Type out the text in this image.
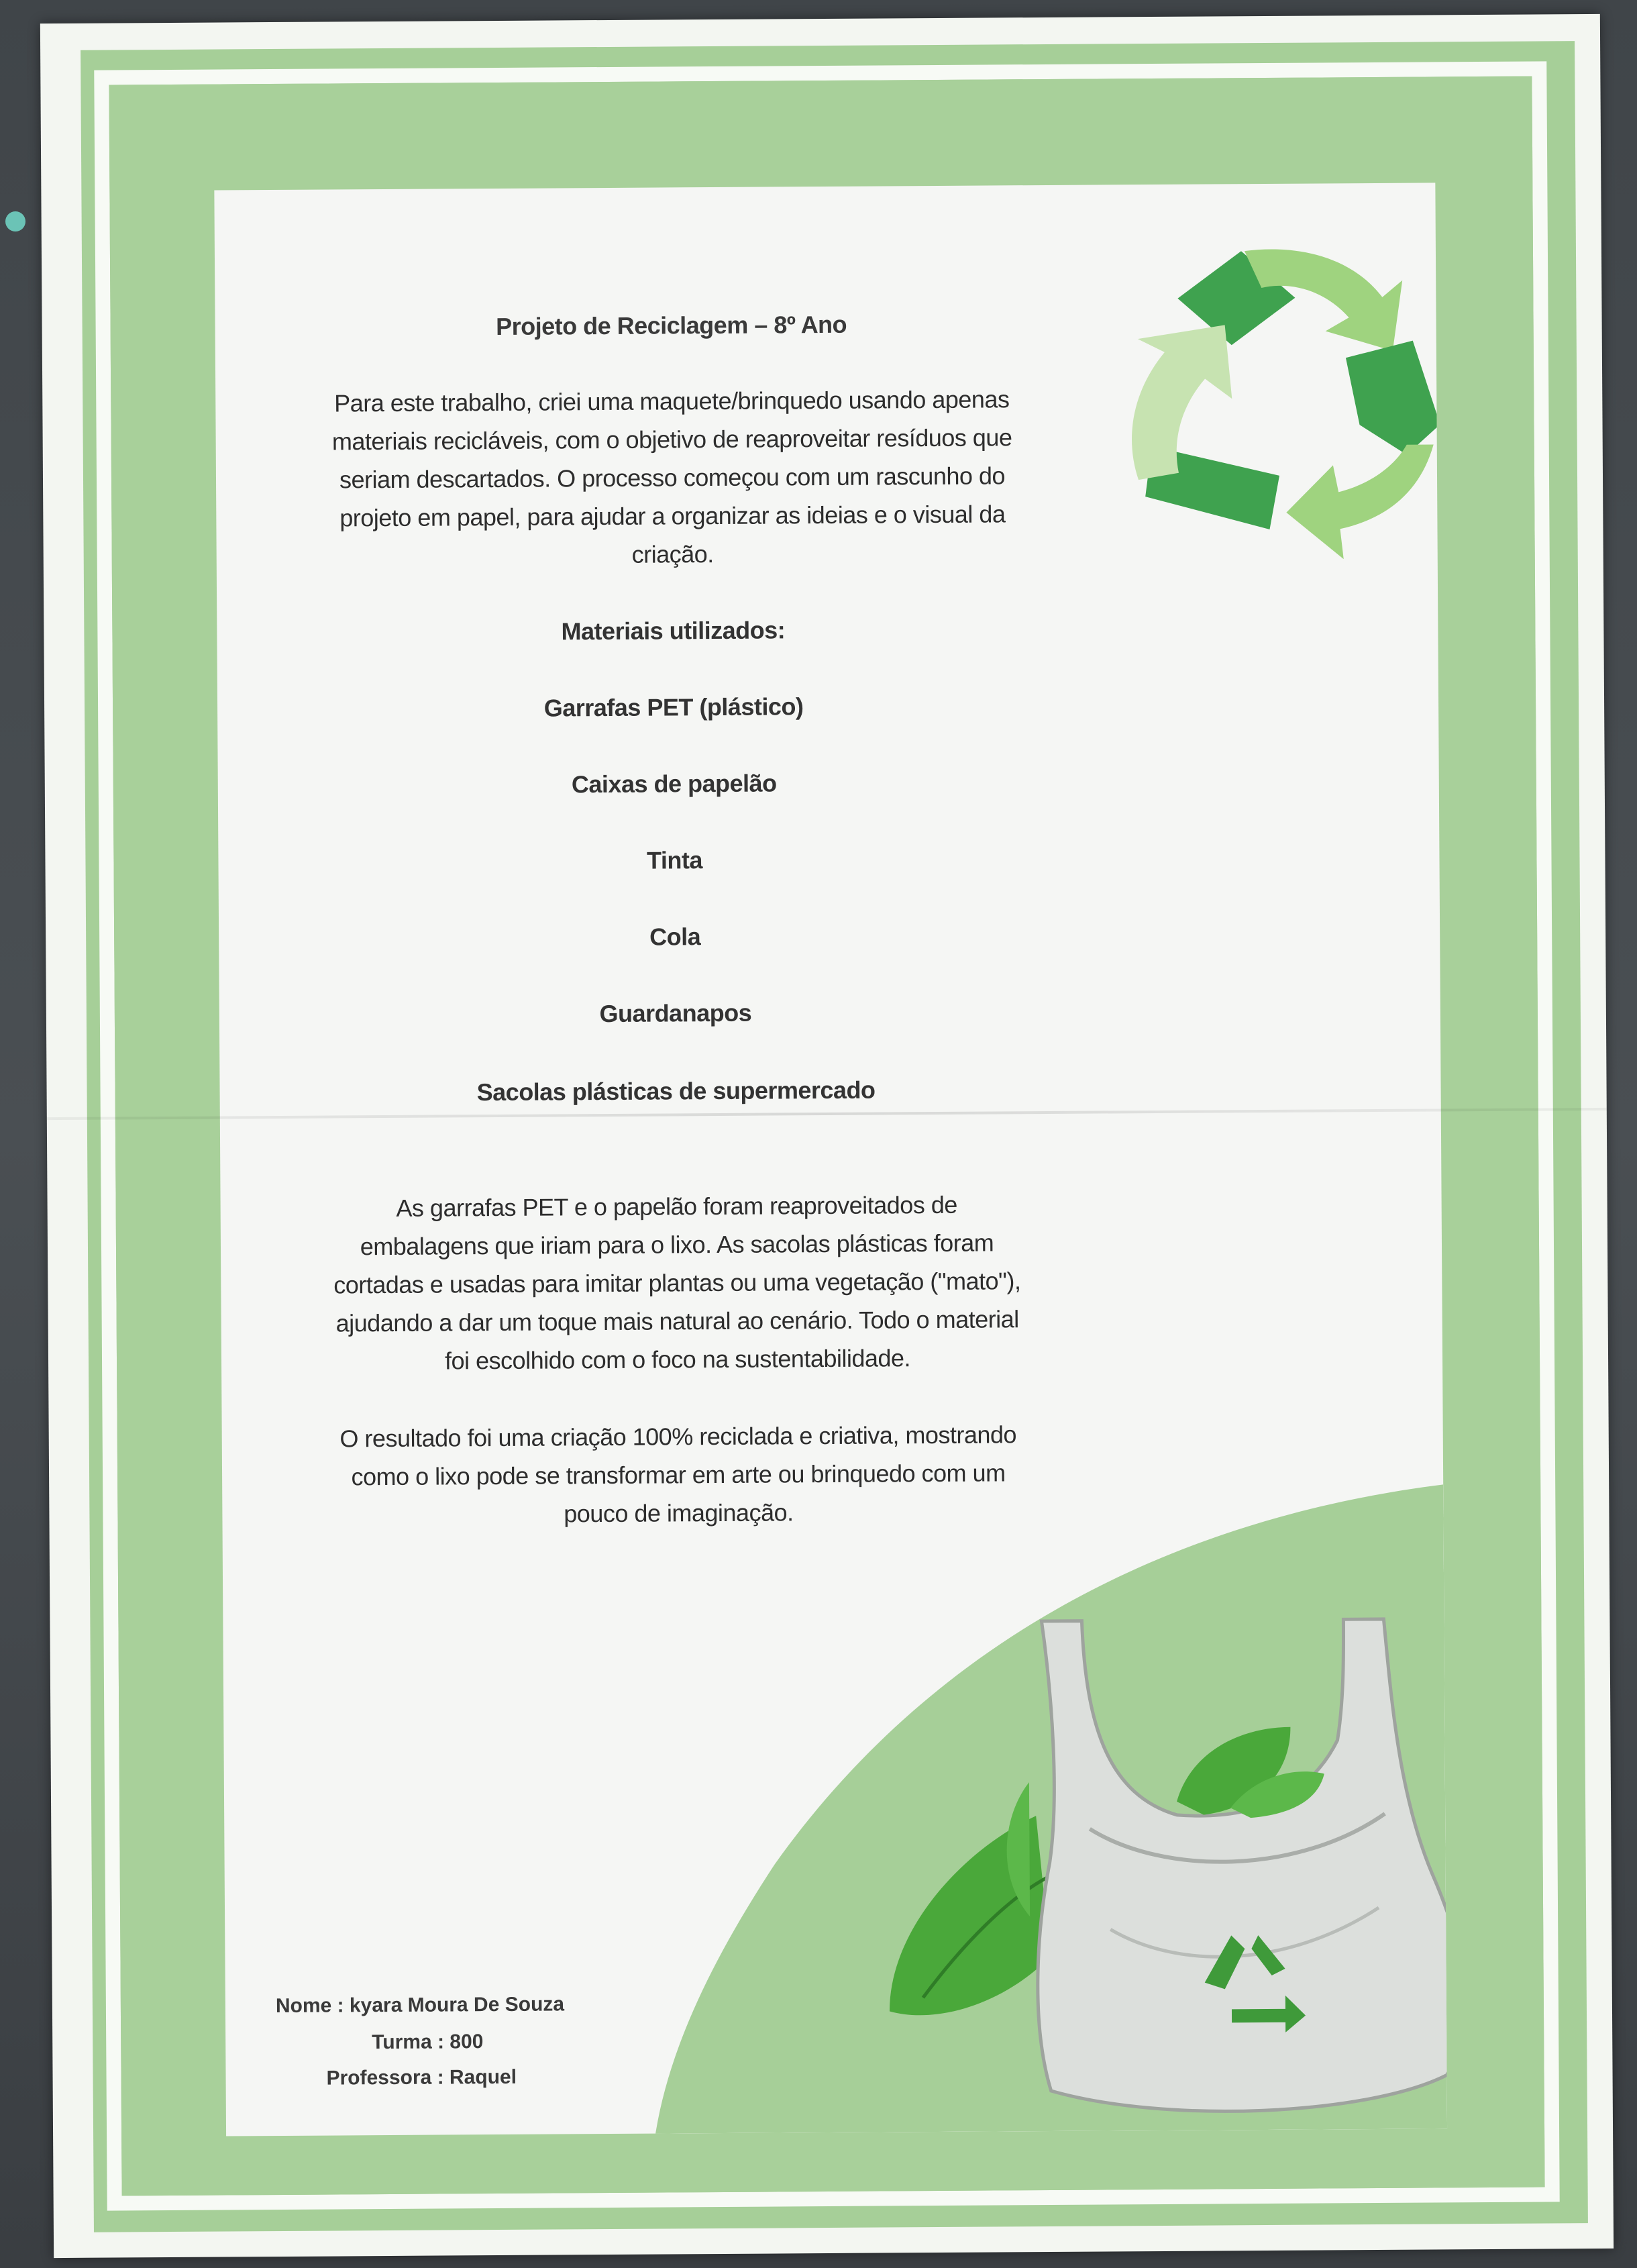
Projeto de Reciclagem – 8º Ano
Para este trabalho, criei uma maquete/brinquedo usando apenas
materiais recicláveis, com o objetivo de reaproveitar resíduos que
seriam descartados. O processo começou com um rascunho do
projeto em papel, para ajudar a organizar as ideias e o visual da
criação.
Materiais utilizados:
Garrafas PET (plástico)
Caixas de papelão
Tinta
Cola
Guardanapos
Sacolas plásticas de supermercado
As garrafas PET e o papelão foram reaproveitados de
embalagens que iriam para o lixo. As sacolas plásticas foram
cortadas e usadas para imitar plantas ou uma vegetação ("mato"),
ajudando a dar um toque mais natural ao cenário. Todo o material
foi escolhido com o foco na sustentabilidade.
O resultado foi uma criação 100% reciclada e criativa, mostrando
como o lixo pode se transformar em arte ou brinquedo com um
pouco de imaginação.
Nome : kyara Moura De Souza
Turma : 800
Professora : Raquel
